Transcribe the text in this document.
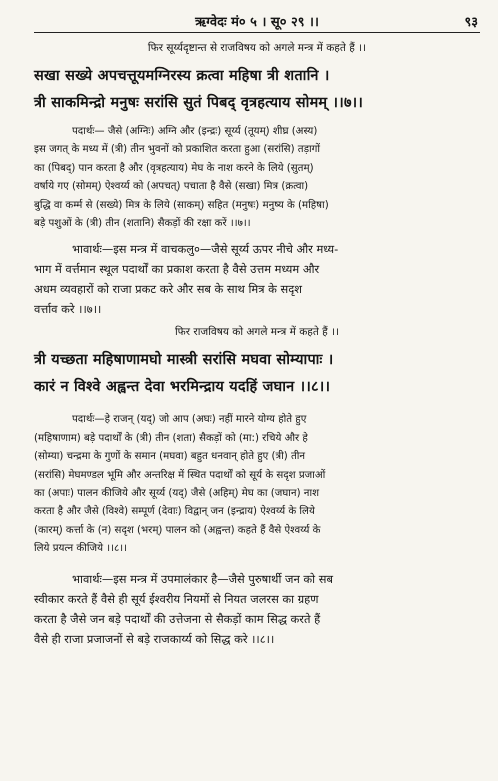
ऋग्वेदः मं० ५ । सू० २९ ।।	९३
फिर सूर्य्यदृष्टान्त से राजविषय को अगले मन्त्र में कहते हैं ।।
सखा सख्ये अपचत्तूयमग्निरस्य क्रत्वा महिषा त्री शतानि ।
त्री साकमिन्द्रो मनुषः सरांसि सुतं पिबद् वृत्रहत्याय सोमम् ।।७।।

पदार्थः— जैसे (अग्निः) अग्नि और (इन्द्रः) सूर्य्य (तूयम्) शीघ्र (अस्य)

इस जगत् के मध्य में (त्री) तीन भुवनों को प्रकाशित करता हुआ (सरांसि) तड़ागों

का (पिबद्) पान करता है और (वृत्रहत्याय) मेघ के नाश करने के लिये (सुतम्)

वर्षाये गए (सोमम्) ऐश्वर्य्य को (अपचत्) पचाता है वैसे (सखा) मित्र (क्रत्वा)

बुद्धि वा कर्म्म से (सख्ये) मित्र के लिये (साकम्) सहित (मनुषः) मनुष्य के (महिषा)

बड़े पशुओं के (त्री) तीन (शतानि) सैकड़ों की रक्षा करें ।।७।।

भावार्थः—इस मन्त्र में वाचकलु०—जैसे सूर्य्य ऊपर नीचे और मध्य-

भाग में वर्त्तमान स्थूल पदार्थों का प्रकाश करता है वैसे उत्तम मध्यम और

अधम व्यवहारों को राजा प्रकट करे और सब के साथ मित्र के सदृश

वर्त्ताव करे ।।७।।

फिर राजविषय को अगले मन्त्र में कहते हैं ।।
त्री यच्छता महिषाणामघो मास्त्री सरांसि मघवा सोम्यापाः ।
कारं न विश्वे अह्वन्त देवा भरमिन्द्राय यदहिं जघान ।।८।।

पदार्थः—हे राजन् (यद्) जो आप (अघः) नहीं मारने योग्य होते हुए

(महिषाणाम) बड़े पदार्थों के (त्री) तीन (शता) सैकड़ों को (मा:) रचिये और हे

(सोम्या) चन्द्रमा के गुणों के समान (मघवा) बहुत धनवान् होते हुए (त्री) तीन

(सरांसि) मेघमण्डल भूमि और अन्तरिक्ष में स्थित पदार्थों को सूर्य के सदृश प्रजाओं

का (अपाः) पालन कीजिये और सूर्य्य (यद्) जैसे (अहिम्) मेघ का (जघान) नाश

करता है और जैसे (विश्वे) सम्पूर्ण (देवाः) विद्वान् जन (इन्द्राय) ऐश्वर्य्य के लिये

(कारम्) कर्त्ता के (न) सदृश (भरम्) पालन को (अह्वन्त) कहते हैं वैसे ऐश्वर्य्य के

लिये प्रयत्न कीजिये ।।८।।

भावार्थः—इस मन्त्र में उपमालंकार है—जैसे पुरुषार्थी जन को सब

स्वीकार करते हैं वैसे ही सूर्य ईश्वरीय नियमों से नियत जलरस का ग्रहण

करता है जैसे जन बड़े पदार्थों की उत्तेजना से सैकड़ों काम सिद्ध करते हैं

वैसे ही राजा प्रजाजनों से बड़े राजकार्य्य को सिद्ध करे ।।८।।
